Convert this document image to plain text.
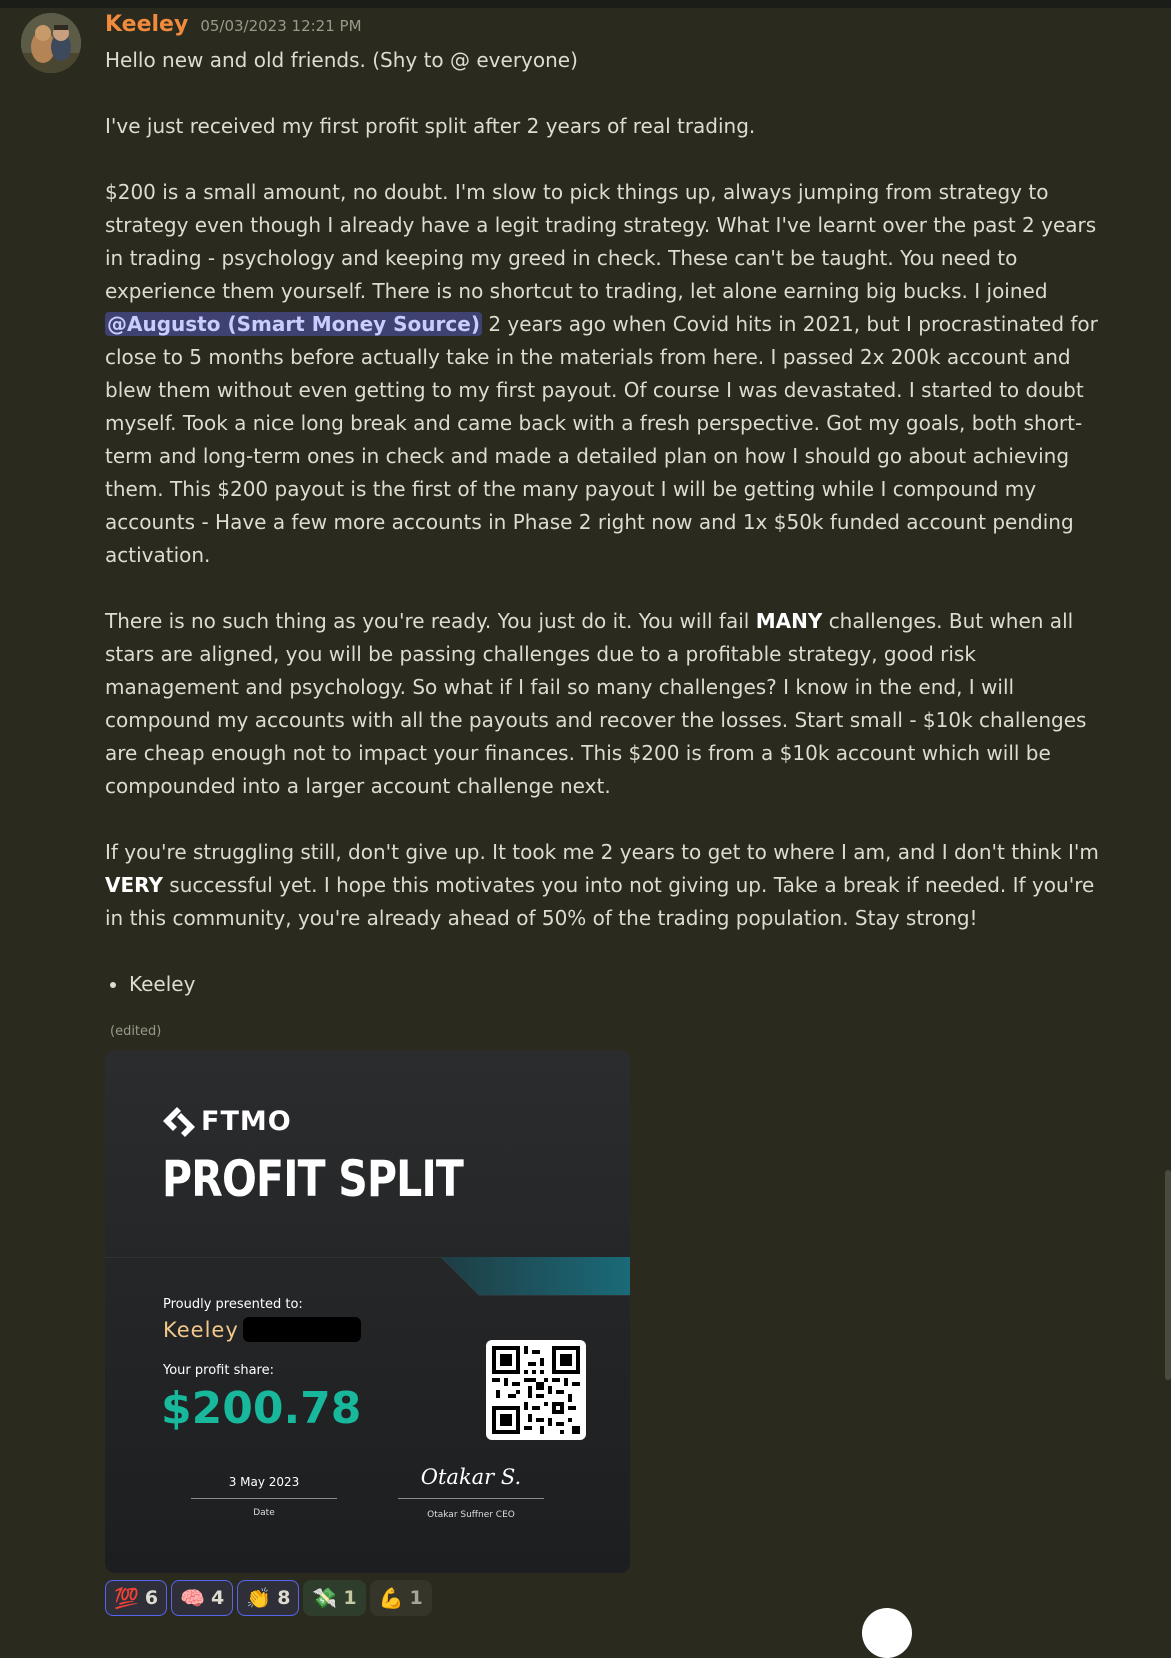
Keeley 05/03/2023 12:21 PM

Hello new and old friends. (Shy to @ everyone)

I've just received my first profit split after 2 years of real trading.

$200 is a small amount, no doubt. I'm slow to pick things up, always jumping from strategy to strategy even though I already have a legit trading strategy. What I've learnt over the past 2 years in trading - psychology and keeping my greed in check. These can't be taught. You need to experience them yourself. There is no shortcut to trading, let alone earning big bucks. I joined @Augusto (Smart Money Source) 2 years ago when Covid hits in 2021, but I procrastinated for close to 5 months before actually take in the materials from here. I passed 2x 200k account and blew them without even getting to my first payout. Of course I was devastated. I started to doubt myself. Took a nice long break and came back with a fresh perspective. Got my goals, both short-term and long-term ones in check and made a detailed plan on how I should go about achieving them. This $200 payout is the first of the many payout I will be getting while I compound my accounts - Have a few more accounts in Phase 2 right now and 1x $50k funded account pending activation.

There is no such thing as you're ready. You just do it. You will fail MANY challenges. But when all stars are aligned, you will be passing challenges due to a profitable strategy, good risk management and psychology. So what if I fail so many challenges? I know in the end, I will compound my accounts with all the payouts and recover the losses. Start small - $10k challenges are cheap enough not to impact your finances. This $200 is from a $10k account which will be compounded into a larger account challenge next.

If you're struggling still, don't give up. It took me 2 years to get to where I am, and I don't think I'm VERY successful yet. I hope this motivates you into not giving up. Take a break if needed. If you're in this community, you're already ahead of 50% of the trading population. Stay strong!

• Keeley
(edited)
FTMO
PROFIT SPLIT
Proudly presented to:
Keeley
Your profit share:
$200.78
3 May 2023
Date
Otakar S.
Otakar Suffner CEO
💯 6 🧠 4 👏 8 💸 1 💪 1
